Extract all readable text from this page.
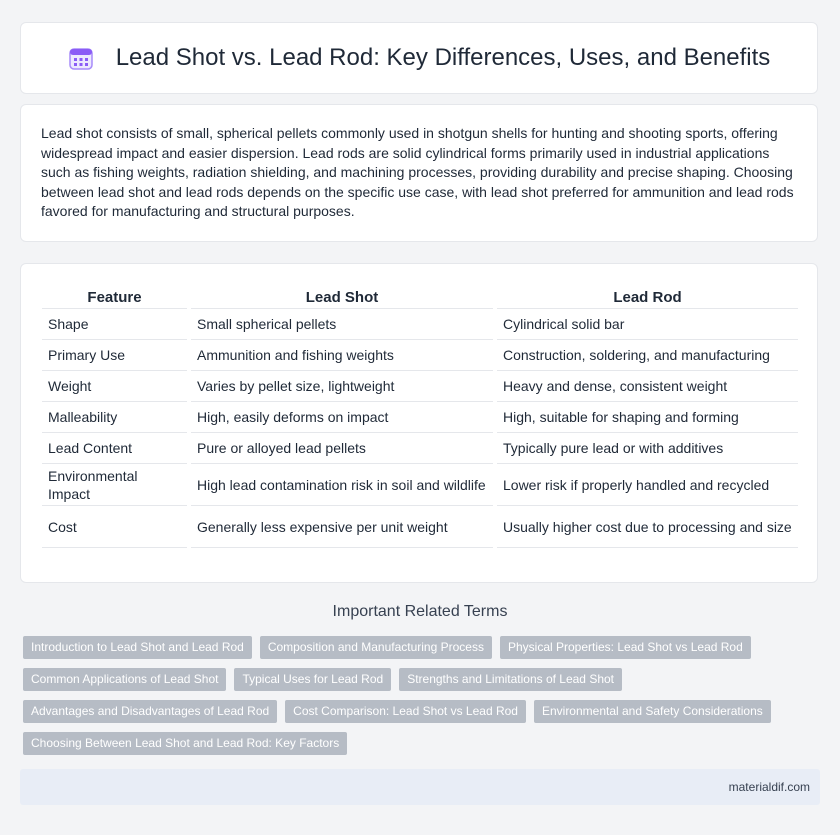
Lead Shot vs. Lead Rod: Key Differences, Uses, and Benefits

Lead shot consists of small, spherical pellets commonly used in shotgun shells for hunting and shooting sports, offering widespread impact and easier dispersion. Lead rods are solid cylindrical forms primarily used in industrial applications such as fishing weights, radiation shielding, and machining processes, providing durability and precise shaping. Choosing between lead shot and lead rods depends on the specific use case, with lead shot preferred for ammunition and lead rods favored for manufacturing and structural purposes.

Feature		Lead Shot		Lead Rod
Shape		Small spherical pellets		Cylindrical solid bar
Primary Use		Ammunition and fishing weights		Construction, soldering, and manufacturing
Weight		Varies by pellet size, lightweight		Heavy and dense, consistent weight
Malleability		High, easily deforms on impact		High, suitable for shaping and forming
Lead Content		Pure or alloyed lead pellets		Typically pure lead or with additives
Environmental Impact		High lead contamination risk in soil and wildlife		Lower risk if properly handled and recycled
Cost		Generally less expensive per unit weight		Usually higher cost due to processing and size
Important Related Terms
Introduction to Lead Shot and Lead Rod	Composition and Manufacturing Process	Physical Properties: Lead Shot vs Lead Rod
Common Applications of Lead Shot	Typical Uses for Lead Rod	Strengths and Limitations of Lead Shot
Advantages and Disadvantages of Lead Rod	Cost Comparison: Lead Shot vs Lead Rod	Environmental and Safety Considerations
Choosing Between Lead Shot and Lead Rod: Key Factors
materialdif.com
